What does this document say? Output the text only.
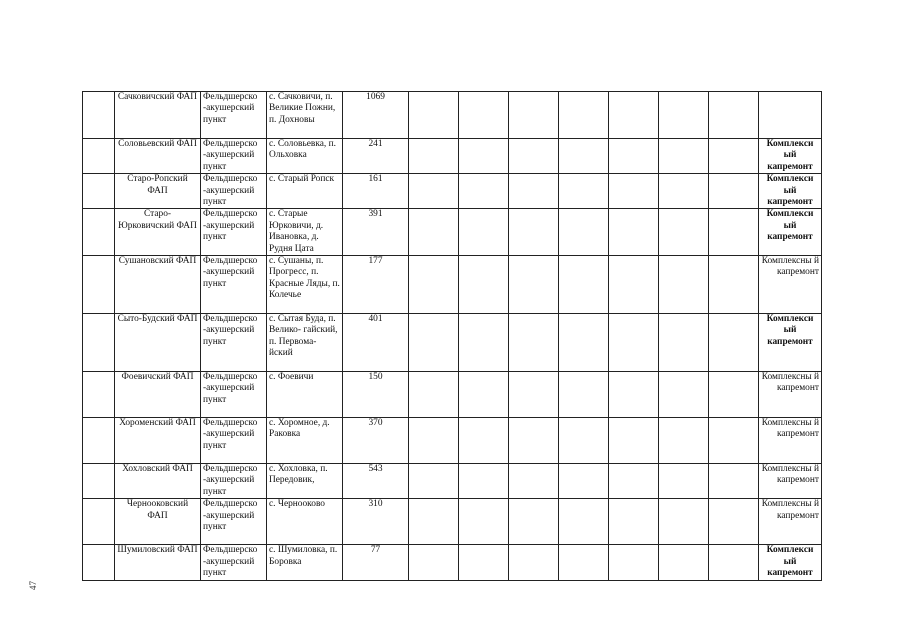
	Сачковичский ФАП	Фельдшерско -акушерский пункт	с. Сачковичи, п. Великие Пожни, п. Дохновы	1069								
	Соловьевский ФАП	Фельдшерско -акушерский пункт	с. Соловьевка, п. Ольховка	241								Комплекси ый капремонт
	Старо-Ропский ФАП	Фельдшерско -акушерский пункт	с. Старый Ропск	161								Комплекси ый капремонт
	Старо- Юрковичский ФАП	Фельдшерско -акушерский пункт	с. Старые Юрковичи, д. Ивановка, д. Рудня Цата	391								Комплекси ый капремонт
	Сушановский ФАП	Фельдшерско -акушерский пункт	с. Сушаны, п. Прогресс, п. Красные Ляды, п. Колечье	177								Комплексны й капремонт
	Сыто-Будский ФАП	Фельдшерско -акушерский пункт	с. Сытая Буда, п. Велико- гайский, п. Первома- йский	401								Комплекси ый капремонт
	Фоевичский ФАП	Фельдшерско -акушерский пункт	с. Фоевичи	150								Комплексны й капремонт
	Хороменский ФАП	Фельдшерско -акушерский пункт	с. Хоромное, д. Раковка	370								Комплексны й капремонт
	Хохловский ФАП	Фельдшерско -акушерский пункт	с. Хохловка, п. Передовик,	543								Комплексны й капремонт
	Чернооковский ФАП	Фельдшерско -акушерский пункт	с. Чернооково	310								Комплексны й капремонт
	Шумиловский ФАП	Фельдшерско -акушерский пункт	с. Шумиловка, п. Боровка	77								Комплекси ый капремонт
47
